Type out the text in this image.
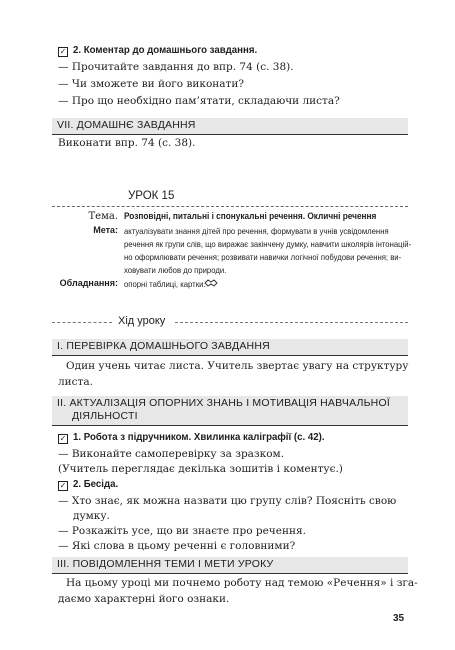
✓ 2. Коментар до домашнього завдання.
— Прочитайте завдання до впр. 74 (с. 38).
— Чи зможете ви його виконати?
— Про що необхідно пам’ятати, складаючи листа?
VII. ДОМАШНЄ ЗАВДАННЯ
Виконати впр. 74 (с. 38).
УРОК 15
Тема. Розповідні, питальні і спонукальні речення. Окличні речення
Мета: актуалізувати знання дітей про речення, формувати в учнів усвідомлення
речення як групи слів, що виражає закінчену думку, навчити школярів інтонацій-
но оформлювати речення; розвивати навички логічної побудови речення; ви-
ховувати любов до природи.
Обладнання: опорні таблиці, картки.
Хід уроку
I. ПЕРЕВІРКА ДОМАШНЬОГО ЗАВДАННЯ
Один учень читає листа. Учитель звертає увагу на структуру
листа.
II. АКТУАЛІЗАЦІЯ ОПОРНИХ ЗНАНЬ І МОТИВАЦІЯ НАВЧАЛЬНОЇ
ДІЯЛЬНОСТІ
✓ 1. Робота з підручником. Хвилинка каліграфії (с. 42).
— Виконайте самоперевірку за зразком.
(Учитель переглядає декілька зошитів і коментує.)
✓ 2. Бесіда.
— Хто знає, як можна назвати цю групу слів? Поясніть свою
думку.
— Розкажіть усе, що ви знаєте про речення.
— Які слова в цьому реченні є головними?
III. ПОВІДОМЛЕННЯ ТЕМИ І МЕТИ УРОКУ
На цьому уроці ми почнемо роботу над темою «Речення» і зга-
даємо характерні його ознаки.
35
